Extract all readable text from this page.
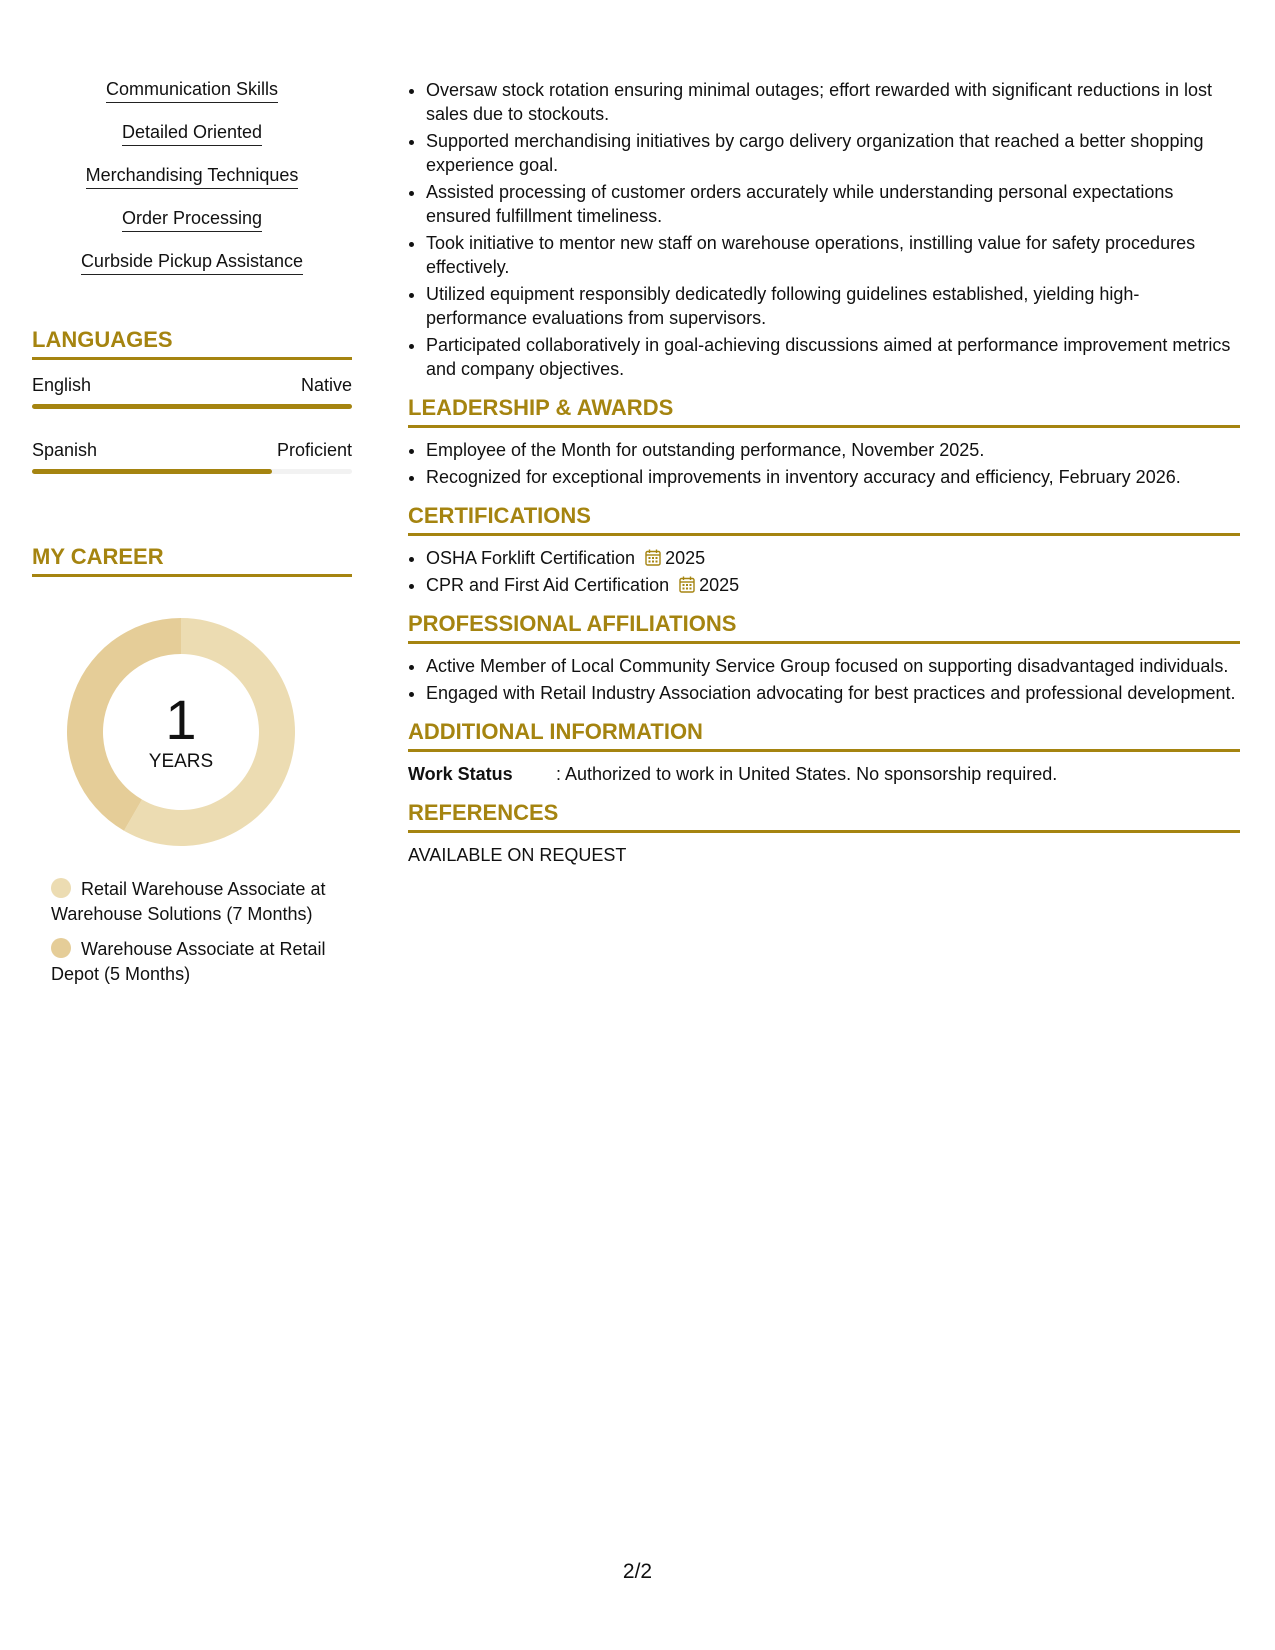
Communication Skills
Detailed Oriented
Merchandising Techniques
Order Processing
Curbside Pickup Assistance
LANGUAGES
English	Native
Spanish	Proficient
MY CAREER
1
YEARS
Retail Warehouse Associate at Warehouse Solutions (7 Months)
Warehouse Associate at Retail Depot (5 Months)
• Oversaw stock rotation ensuring minimal outages; effort rewarded with significant reductions in lost sales due to stockouts.
• Supported merchandising initiatives by cargo delivery organization that reached a better shopping experience goal.
• Assisted processing of customer orders accurately while understanding personal expectations ensured fulfillment timeliness.
• Took initiative to mentor new staff on warehouse operations, instilling value for safety procedures effectively.
• Utilized equipment responsibly dedicatedly following guidelines established, yielding high-performance evaluations from supervisors.
• Participated collaboratively in goal-achieving discussions aimed at performance improvement metrics and company objectives.
LEADERSHIP & AWARDS
• Employee of the Month for outstanding performance, November 2025.
• Recognized for exceptional improvements in inventory accuracy and efficiency, February 2026.
CERTIFICATIONS
• OSHA Forklift Certification 2025
• CPR and First Aid Certification 2025
PROFESSIONAL AFFILIATIONS
• Active Member of Local Community Service Group focused on supporting disadvantaged individuals.
• Engaged with Retail Industry Association advocating for best practices and professional development.
ADDITIONAL INFORMATION
Work Status : Authorized to work in United States. No sponsorship required.
REFERENCES
AVAILABLE ON REQUEST
2/2
